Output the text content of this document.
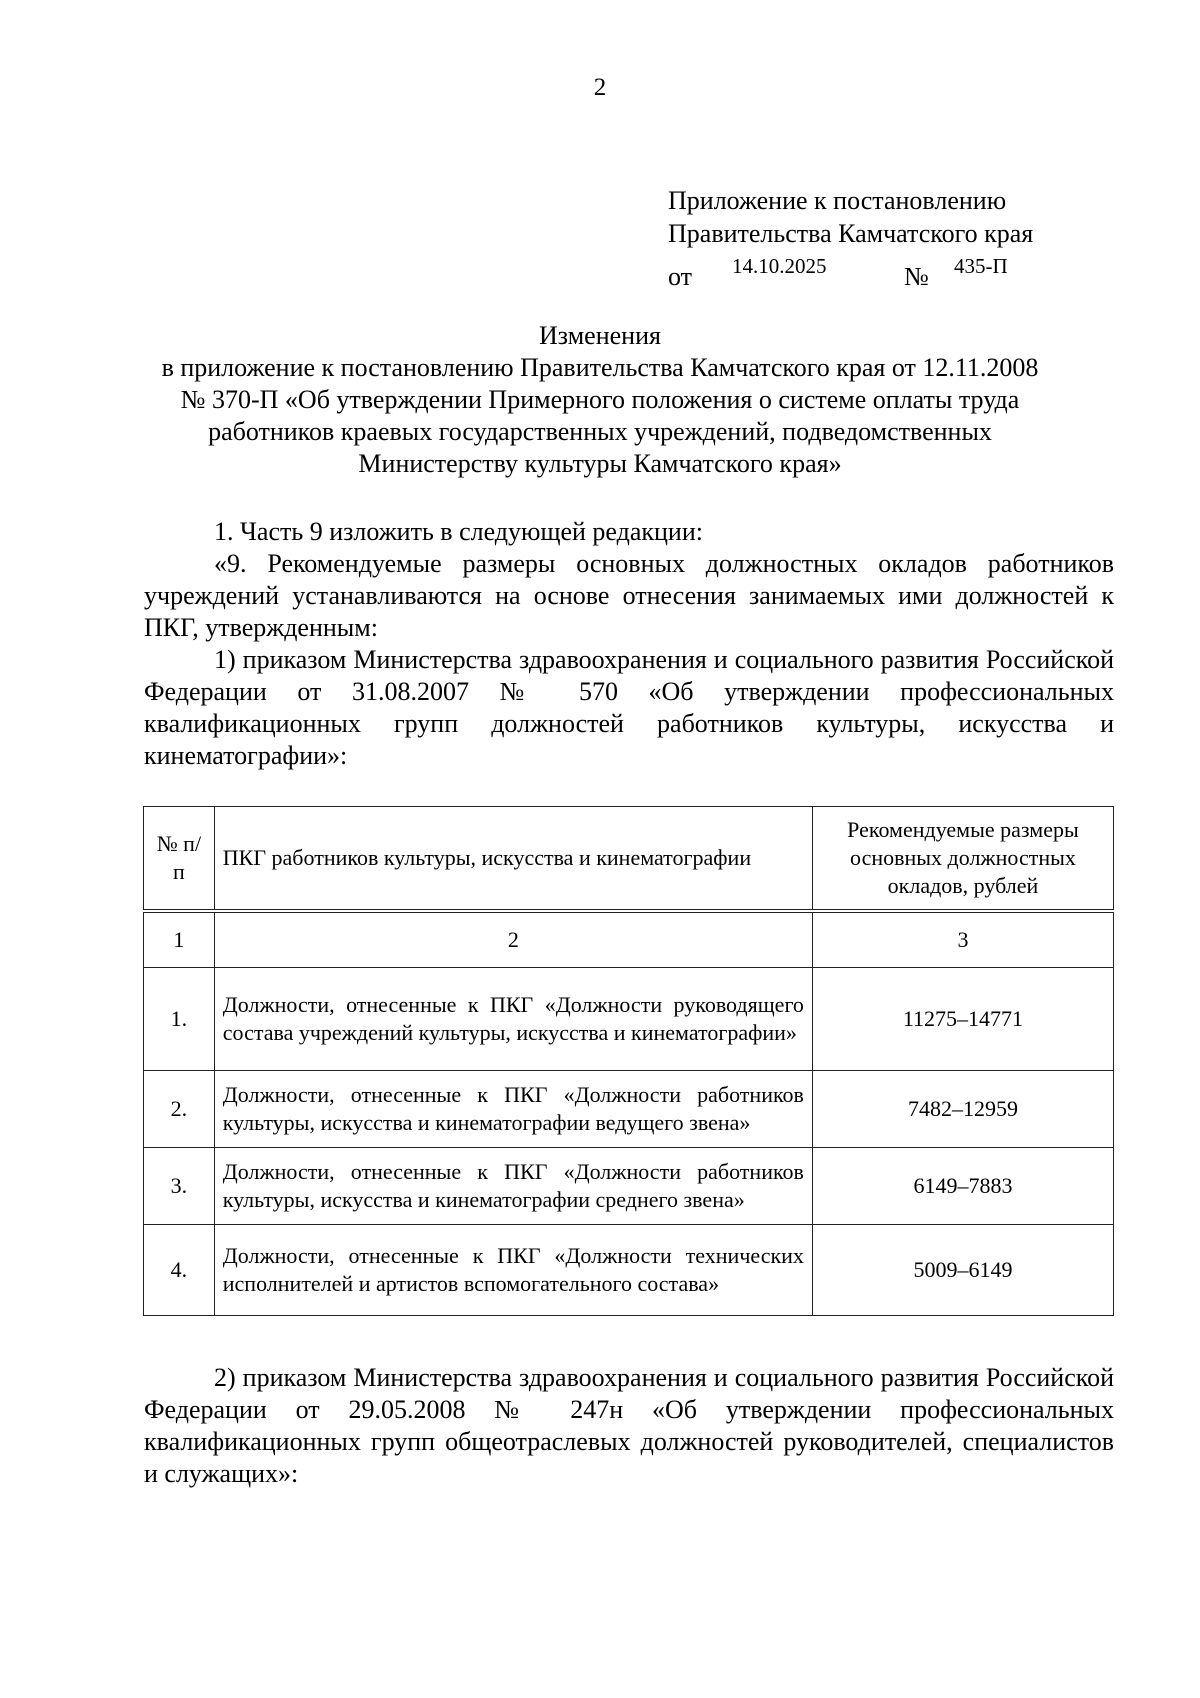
2
Приложение к постановлению
Правительства Камчатского края
от 14.10.2025	№ 435-П
Изменения
в приложение к постановлению Правительства Камчатского края от 12.11.2008
№ 370-П «Об утверждении Примерного положения о системе оплаты труда
работников краевых государственных учреждений, подведомственных
Министерству культуры Камчатского края»

1. Часть 9 изложить в следующей редакции:

«9. Рекомендуемые размеры основных должностных окладов работников учреждений устанавливаются на основе отнесения занимаемых ими должностей к ПКГ, утвержденным:

1) приказом Министерства здравоохранения и социального развития Российской Федерации от 31.08.2007 № 570 «Об утверждении профессиональных квалификационных групп должностей работников культуры, искусства и кинематографии»:

№ п/п	ПКГ работников культуры, искусства и кинематографии	Рекомендуемые размеры основных должностных окладов, рублей
1	2	3
1.	Должности, отнесенные к ПКГ «Должности руководящего состава учреждений культуры, искусства и кинематографии»	11275–14771
2.	Должности, отнесенные к ПКГ «Должности работников культуры, искусства и кинематографии ведущего звена»	7482–12959
3.	Должности, отнесенные к ПКГ «Должности работников культуры, искусства и кинематографии среднего звена»	6149–7883
4.	Должности, отнесенные к ПКГ «Должности технических исполнителей и артистов вспомогательного состава»	5009–6149

2) приказом Министерства здравоохранения и социального развития Российской Федерации от 29.05.2008 № 247н «Об утверждении профессиональных квалификационных групп общеотраслевых должностей руководителей, специалистов и служащих»:
